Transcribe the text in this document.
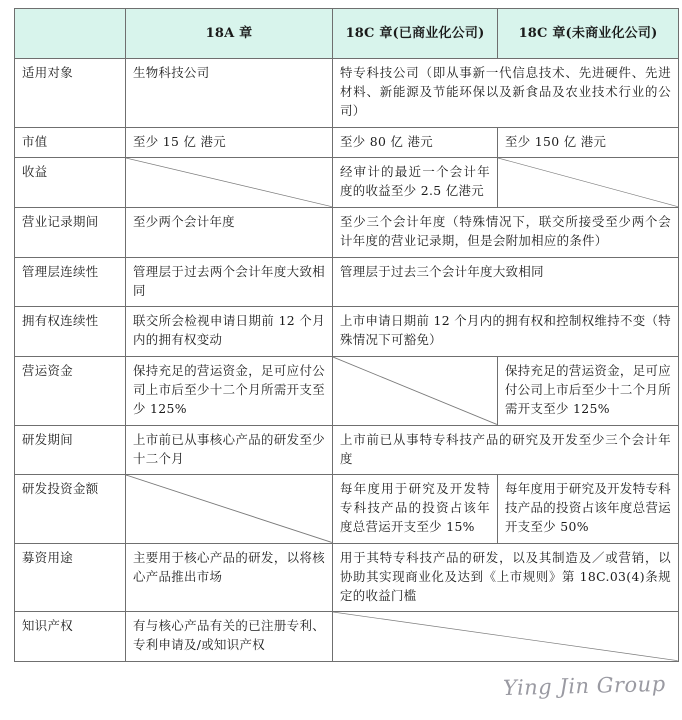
	18A 章	18C 章(已商业化公司)	18C 章(未商业化公司)
适用对象	生物科技公司	特专科技公司（即从事新一代信息技术、先进硬件、先进材料、新能源及节能环保以及新食品及农业技术行业的公司）	
市值	至少 15 亿 港元	至少 80 亿 港元	至少 150 亿 港元
收益		经审计的最近一个会计年度的收益至少 2.5 亿港元	

营业记录期间	至少两个会计年度	至少三个会计年度（特殊情况下，联交所接受至少两个会计年度的营业记录期，但是会附加相应的条件）	
管理层连续性	管理层于过去两个会计年度大致相同	管理层于过去三个会计年度大致相同	
拥有权连续性	联交所会检视申请日期前 12 个月内的拥有权变动	上市申请日期前 12 个月内的拥有权和控制权维持不变（特殊情况下可豁免）	
营运资金	保持充足的营运资金，足可应付公司上市后至少十二个月所需开支至少 125%		保持充足的营运资金，足可应付公司上市后至少十二个月所需开支至少 125%
研发期间	上市前已从事核心产品的研发至少十二个月	上市前已从事特专科技产品的研究及开发至少三个会计年度	
研发投资金额		每年度用于研究及开发特专科技产品的投资占该年度总营运开支至少 15%	每年度用于研究及开发特专科技产品的投资占该年度总营运开支至少 50%
募资用途	主要用于核心产品的研发，以将核心产品推出市场	用于其特专科技产品的研发，以及其制造及／或营销，以协助其实现商业化及达到《上市规则》第 18C.03(4)条规定的收益门槛	
知识产权	有与核心产品有关的已注册专利、专利申请及/或知识产权	
Ying Jin Group
